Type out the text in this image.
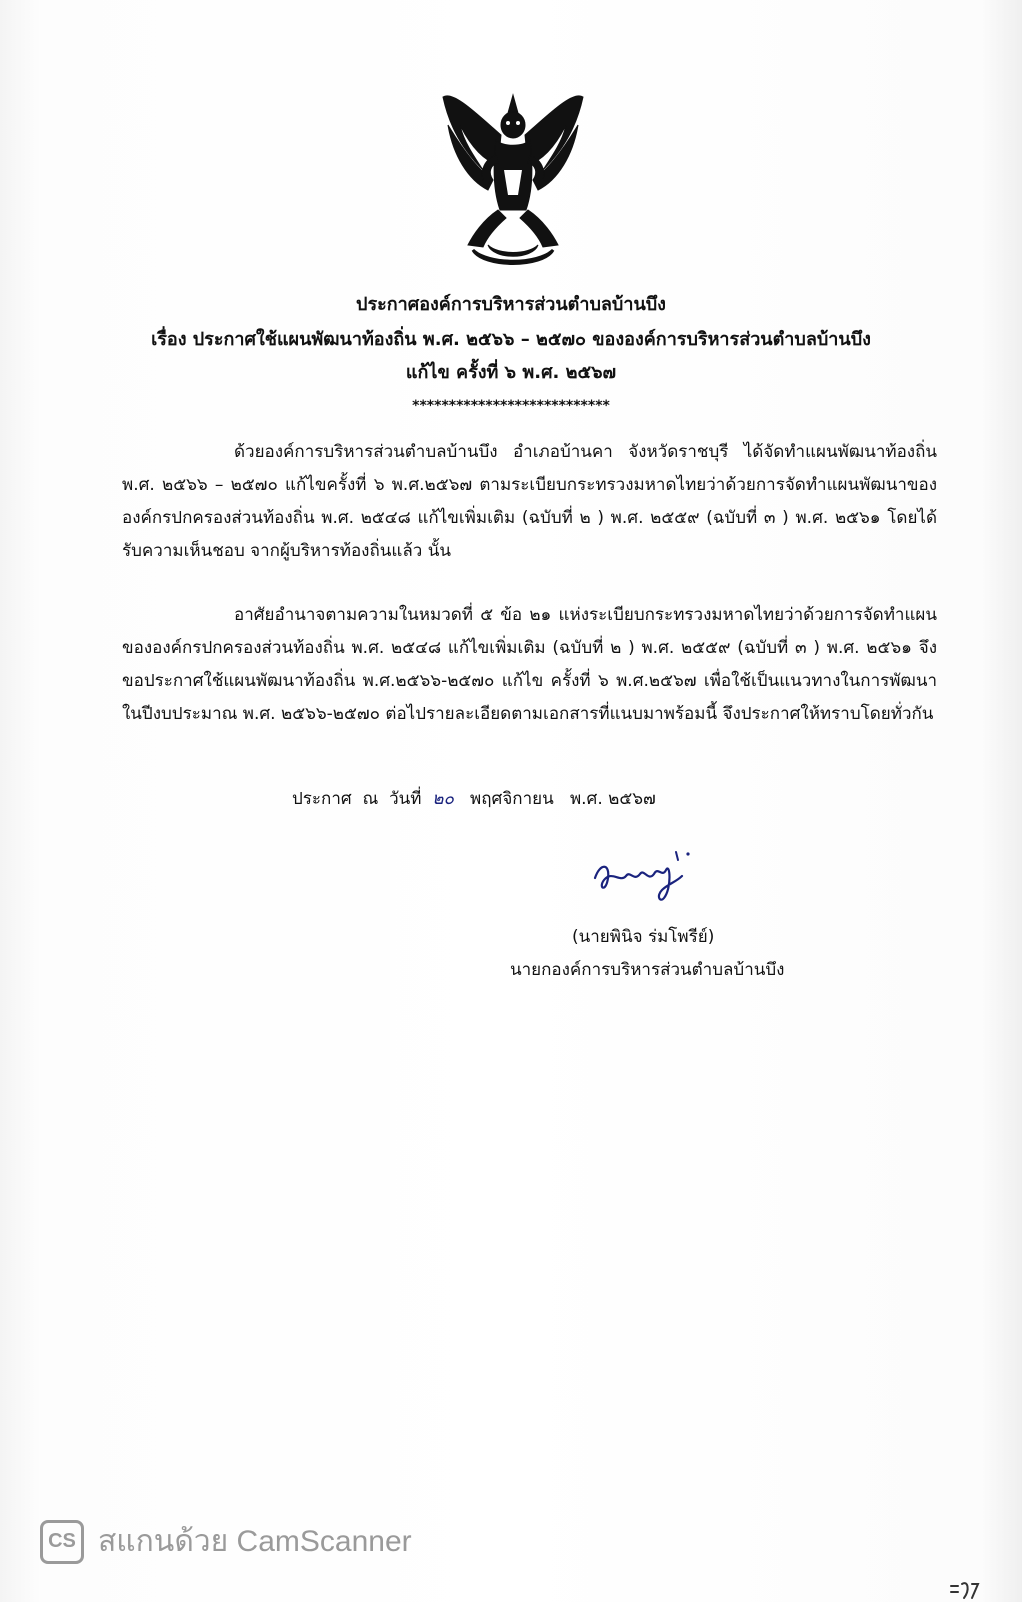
ประกาศองค์การบริหารส่วนตำบลบ้านบึง
เรื่อง ประกาศใช้แผนพัฒนาท้องถิ่น พ.ศ. ๒๕๖๖ – ๒๕๗๐ ขององค์การบริหารส่วนตำบลบ้านบึง
แก้ไข ครั้งที่ ๖ พ.ศ. ๒๕๖๗
***************************
ด้วยองค์การบริหารส่วนตำบลบ้านบึง อำเภอบ้านคา จังหวัดราชบุรี ได้จัดทำแผนพัฒนาท้องถิ่น พ.ศ. ๒๕๖๖ – ๒๕๗๐ แก้ไขครั้งที่ ๖ พ.ศ.๒๕๖๗ ตามระเบียบกระทรวงมหาดไทยว่าด้วยการจัดทำแผนพัฒนาขององค์กรปกครองส่วนท้องถิ่น พ.ศ. ๒๕๔๘ แก้ไขเพิ่มเติม (ฉบับที่ ๒ ) พ.ศ. ๒๕๕๙ (ฉบับที่ ๓ ) พ.ศ. ๒๕๖๑ โดยได้รับความเห็นชอบ จากผู้บริหารท้องถิ่นแล้ว นั้น
อาศัยอำนาจตามความในหมวดที่ ๕ ข้อ ๒๑ แห่งระเบียบกระทรวงมหาดไทยว่าด้วยการจัดทำแผนขององค์กรปกครองส่วนท้องถิ่น พ.ศ. ๒๕๔๘ แก้ไขเพิ่มเติม (ฉบับที่ ๒ ) พ.ศ. ๒๕๕๙ (ฉบับที่ ๓ ) พ.ศ. ๒๕๖๑ จึงขอประกาศใช้แผนพัฒนาท้องถิ่น พ.ศ.๒๕๖๖-๒๕๗๐ แก้ไข ครั้งที่ ๖ พ.ศ.๒๕๖๗ เพื่อใช้เป็นแนวทางในการพัฒนาในปีงบประมาณ พ.ศ. ๒๕๖๖-๒๕๗๐ ต่อไปรายละเอียดตามเอกสารที่แนบมาพร้อมนี้ จึงประกาศให้ทราบโดยทั่วกัน
ประกาศ  ณ  วันที่  ๒๐   พฤศจิกายน   พ.ศ. ๒๕๖๗
(นายพินิจ ร่มโพรีย์)
นายกองค์การบริหารส่วนตำบลบ้านบึง
CS สแกนด้วย CamScanner
